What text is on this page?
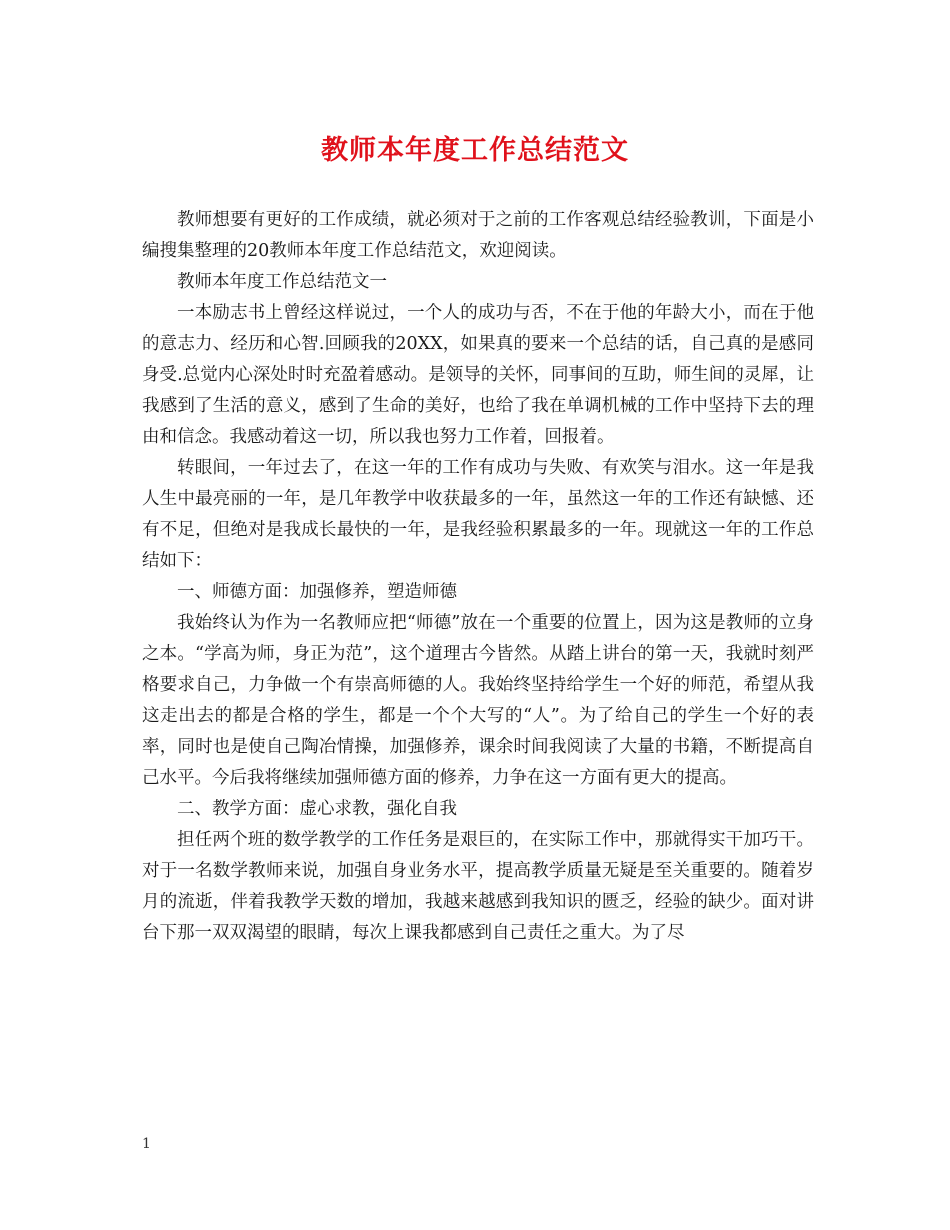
教师本年度工作总结范文

教师想要有更好的工作成绩，就必须对于之前的工作客观总结经验教训，下面是小编搜集整理的20教师本年度工作总结范文，欢迎阅读。

教师本年度工作总结范文一

一本励志书上曾经这样说过，一个人的成功与否，不在于他的年龄大小，而在于他的意志力、经历和心智.回顾我的20XX，如果真的要来一个总结的话，自己真的是感同身受.总觉内心深处时时充盈着感动。是领导的关怀，同事间的互助，师生间的灵犀，让我感到了生活的意义，感到了生命的美好，也给了我在单调机械的工作中坚持下去的理由和信念。我感动着这一切，所以我也努力工作着，回报着。

转眼间，一年过去了，在这一年的工作有成功与失败、有欢笑与泪水。这一年是我人生中最亮丽的一年，是几年教学中收获最多的一年，虽然这一年的工作还有缺憾、还有不足，但绝对是我成长最快的一年，是我经验积累最多的一年。现就这一年的工作总结如下：

一、师德方面：加强修养，塑造师德

我始终认为作为一名教师应把“师德”放在一个重要的位置上，因为这是教师的立身之本。“学高为师，身正为范”，这个道理古今皆然。从踏上讲台的第一天，我就时刻严格要求自己，力争做一个有崇高师德的人。我始终坚持给学生一个好的师范，希望从我这走出去的都是合格的学生，都是一个个大写的“人”。为了给自己的学生一个好的表率，同时也是使自己陶冶情操，加强修养，课余时间我阅读了大量的书籍，不断提高自己水平。今后我将继续加强师德方面的修养，力争在这一方面有更大的提高。

二、教学方面：虚心求教，强化自我

担任两个班的数学教学的工作任务是艰巨的，在实际工作中，那就得实干加巧干。对于一名数学教师来说，加强自身业务水平，提高教学质量无疑是至关重要的。随着岁月的流逝，伴着我教学天数的增加，我越来越感到我知识的匮乏，经验的缺少。面对讲台下那一双双渴望的眼睛，每次上课我都感到自己责任之重大。为了尽

1
